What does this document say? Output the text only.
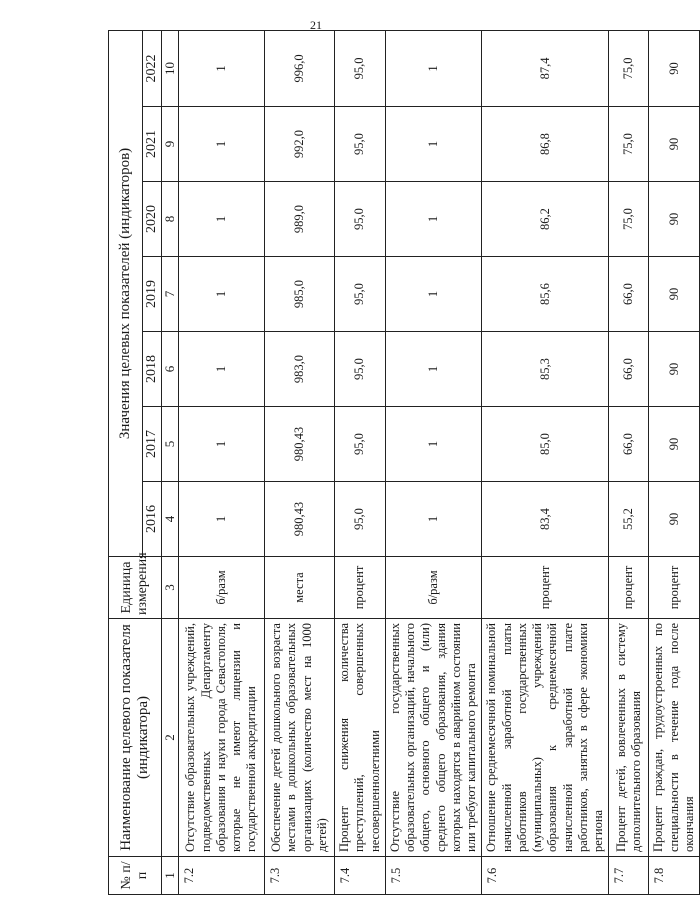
21
№ п/п	Наименование целевого показателя (индикатора)	Единица измерения	Значения целевых показателей (индикаторов)						
			2016	2017	2018	2019	2020	2021	2022
1	2	3	4	5	6	7	8	9	10
7.2	Отсутствие образовательных учреждений, подведомственных Департаменту образования и науки города Севастополя, которые не имеют лицензии и государственной аккредитации	б/разм	1	1	1	1	1	1	1
7.3	Обеспечение детей дошкольного возраста местами в дошкольных образовательных организациях (количество мест на 1000 детей)	места	980,43	980,43	983,0	985,0	989,0	992,0	996,0
7.4	Процент снижения количества преступлений, совершенных несовершеннолетними	процент	95,0	95,0	95,0	95,0	95,0	95,0	95,0
7.5	Отсутствие государственных образовательных организаций, начального общего, основного общего и (или) среднего общего образования, здания которых находятся в аварийном состоянии или требуют капитального ремонта	б/разм	1	1	1	1	1	1	1
7.6	Отношение среднемесячной номинальной начисленной заработной платы работников государственных (муниципальных) учреждений образования к среднемесячной начисленной заработной плате работников, занятых в сфере экономики региона	процент	83,4	85,0	85,3	85,6	86,2	86,8	87,4
7.7	Процент детей, вовлеченных в систему дополнительного образования	процент	55,2	66,0	66,0	66,0	75,0	75,0	75,0
7.8	Процент граждан, трудоустроенных по специальности в течение года после окончания	процент	90	90	90	90	90	90	90
